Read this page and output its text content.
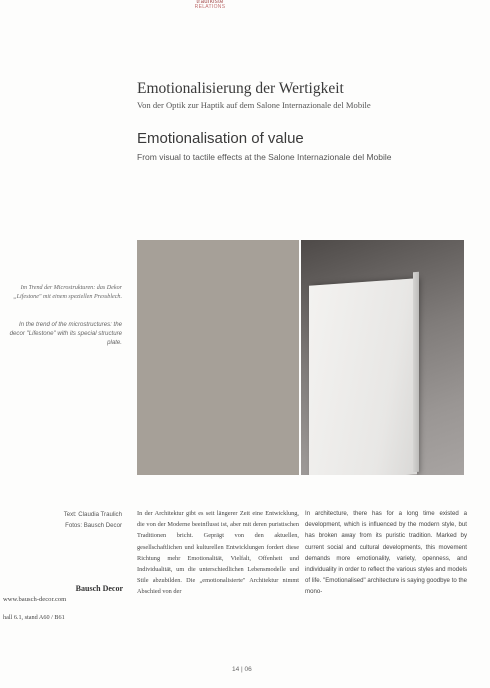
traufkiste
RELATIONS
Emotionalisierung der Wertigkeit
Von der Optik zur Haptik auf dem Salone Internazionale del Mobile
Emotionalisation of value
From visual to tactile effects at the Salone Internazionale del Mobile
Im Trend der Microstrukturen: das Dekor „Lifestone" mit einem speziellen Pressblech.
In the trend of the microstructures: the decor "Lifestone" with its special structure plate.
Text: Claudia Traulich
Fotos: Bausch Decor
Bausch Decor
www.bausch-decor.com
hall 6.1, stand A60 / B61
In der Architektur gibt es seit längerer Zeit eine Entwicklung, die von der Moderne beeinflusst ist, aber mit deren puristischen Traditionen bricht. Geprägt von den aktuellen, gesellschaftlichen und kulturellen Entwicklungen fordert diese Richtung mehr Emotionalität, Vielfalt, Offenheit und Individualität, um die unterschiedlichen Lebensmodelle und Stile abzubilden. Die „emotionalisierte" Architektur nimmt Abschied von der
In architecture, there has for a long time existed a development, which is influenced by the modern style, but has broken away from its puristic tradition. Marked by current social and cultural developments, this movement demands more emotionality, variety, openness, and individuality in order to reflect the various styles and models of life. "Emotionalised" architecture is saying goodbye to the mono-
14 | 06
